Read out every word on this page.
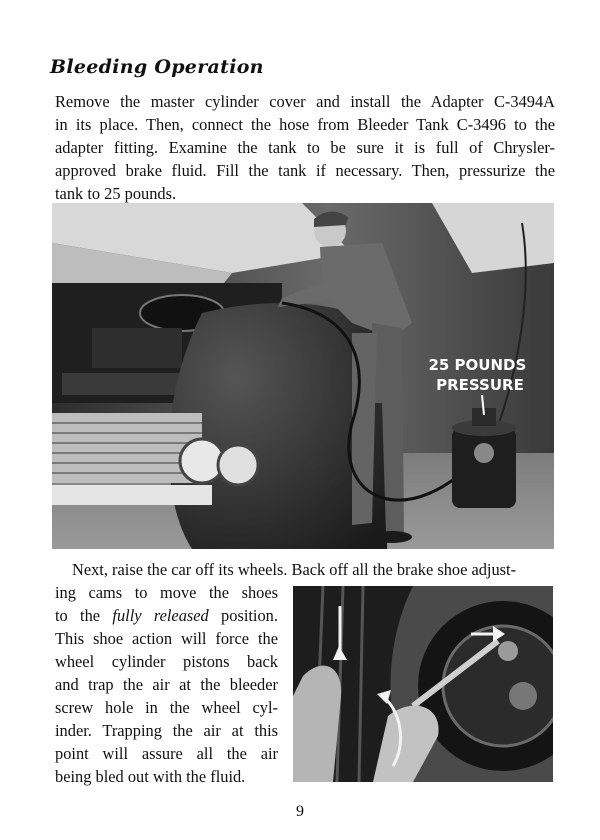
Bleeding Operation

Remove the master cylinder cover and install the Adapter C-3494A
in its place. Then, connect the hose from Bleeder Tank C-3496 to the
adapter fitting. Examine the tank to be sure it is full of Chrysler-
approved brake fluid. Fill the tank if necessary. Then, pressurize the
tank to 25 pounds.

25 POUNDS PRESSURE

Next, raise the car off its wheels. Back off all the brake shoe adjust-
ing cams to move the shoes
to the fully released position.
This shoe action will force the
wheel cylinder pistons back
and trap the air at the bleeder
screw hole in the wheel cyl-
inder. Trapping the air at this
point will assure all the air
being bled out with the fluid.

9
